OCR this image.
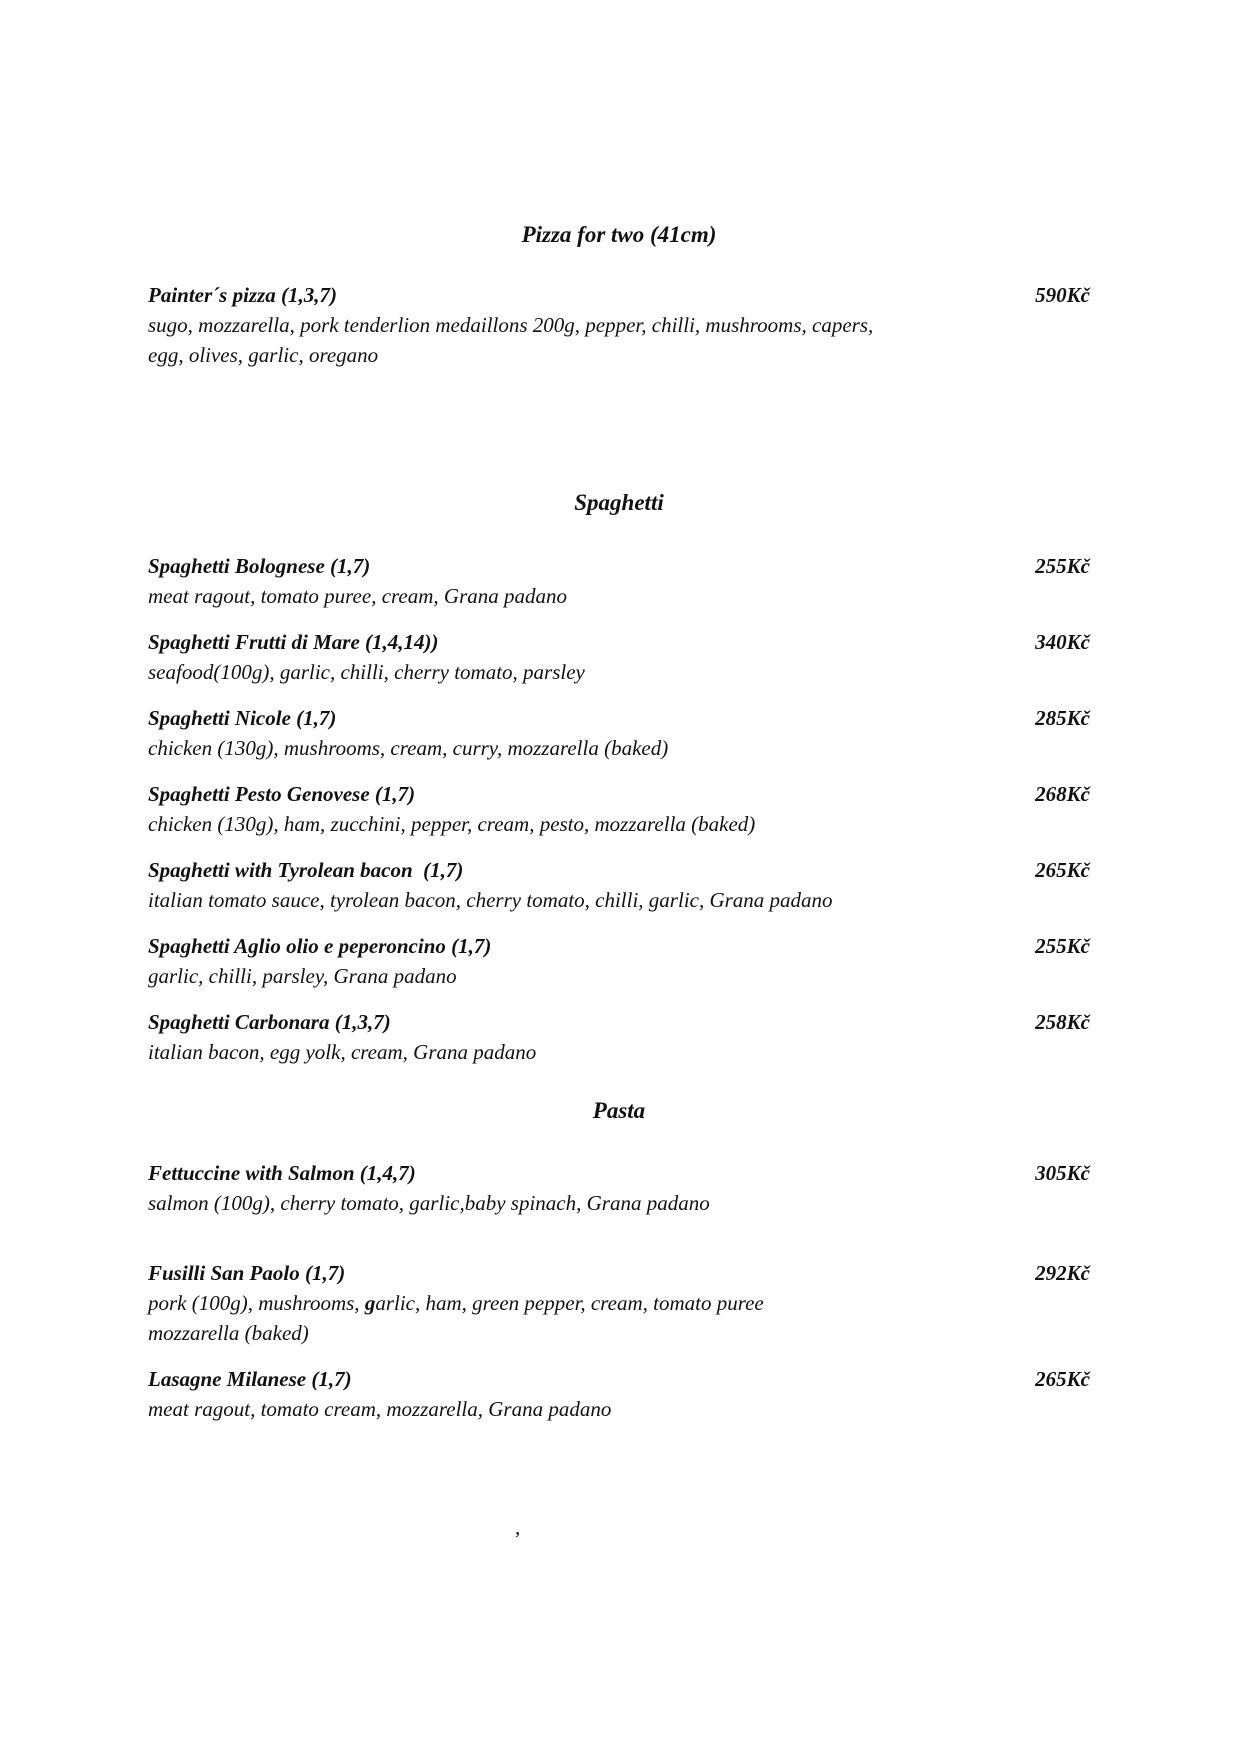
Pizza for two (41cm)
Painter´s pizza (1,3,7)	590Kč
sugo, mozzarella, pork tenderlion medaillons 200g, pepper, chilli, mushrooms, capers,
egg, olives, garlic, oregano
Spaghetti
Spaghetti Bolognese (1,7)	255Kč
meat ragout, tomato puree, cream, Grana padano
Spaghetti Frutti di Mare (1,4,14))	340Kč
seafood(100g), garlic, chilli, cherry tomato, parsley
Spaghetti Nicole (1,7)	285Kč
chicken (130g), mushrooms, cream, curry, mozzarella (baked)
Spaghetti Pesto Genovese (1,7)	268Kč
chicken (130g), ham, zucchini, pepper, cream, pesto, mozzarella (baked)
Spaghetti with Tyrolean bacon  (1,7)	265Kč
italian tomato sauce, tyrolean bacon, cherry tomato, chilli, garlic, Grana padano
Spaghetti Aglio olio e peperoncino (1,7)	255Kč
garlic, chilli, parsley, Grana padano
Spaghetti Carbonara (1,3,7)	258Kč
italian bacon, egg yolk, cream, Grana padano
Pasta
Fettuccine with Salmon (1,4,7)	305Kč
salmon (100g), cherry tomato, garlic,baby spinach, Grana padano
Fusilli San Paolo (1,7)	292Kč
pork (100g), mushrooms, garlic, ham, green pepper, cream, tomato puree
mozzarella (baked)
Lasagne Milanese (1,7)	265Kč
meat ragout, tomato cream, mozzarella, Grana padano
,
